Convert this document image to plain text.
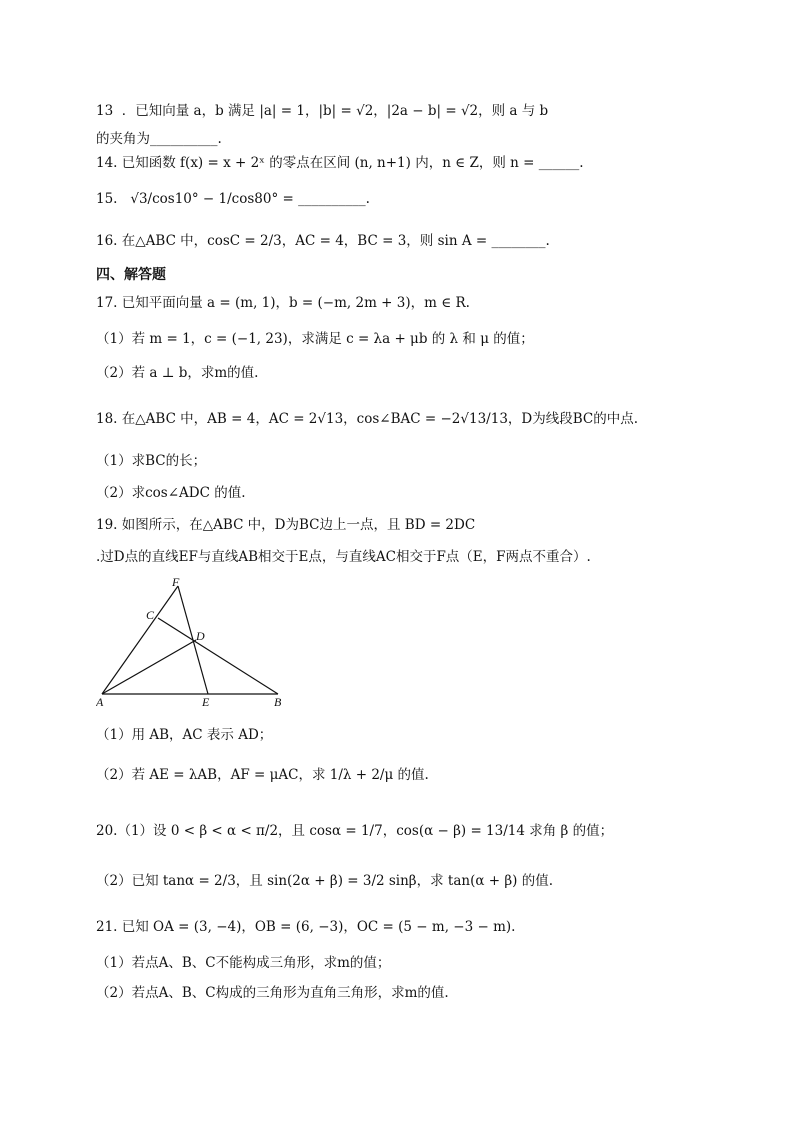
13  ．已知向量 a，b 满足 |a| = 1，|b| = √2，|2a − b| = √2，则 a 与 b
的夹角为__________.
14. 已知函数 f(x) = x + 2ˣ 的零点在区间 (n, n+1) 内，n ∈ Z，则 n = ______.
15.   √3/cos10° − 1/cos80° = __________.
16. 在△ABC 中，cosC = 2/3，AC = 4，BC = 3，则 sin A = ________.
四、解答题
17. 已知平面向量 a = (m, 1)，b = (−m, 2m + 3)，m ∈ R.
（1）若 m = 1，c = (−1, 23)，求满足 c = λa + μb 的 λ 和 μ 的值；
（2）若 a ⊥ b，求m的值.
18. 在△ABC 中，AB = 4，AC = 2√13，cos∠BAC = −2√13/13，D为线段BC的中点.
（1）求BC的长；
（2）求cos∠ADC 的值.
19. 如图所示，在△ABC 中，D为BC边上一点，且 BD = 2DC
.过D点的直线EF与直线AB相交于E点，与直线AC相交于F点（E，F两点不重合）.
A	B
C
D
E
F
（1）用 AB，AC 表示 AD；
（2）若 AE = λAB，AF = μAC，求 1/λ + 2/μ 的值.
20.（1）设 0 < β < α < π/2，且 cosα = 1/7，cos(α − β) = 13/14 求角 β 的值；
（2）已知 tanα = 2/3，且 sin(2α + β) = 3/2 sinβ，求 tan(α + β) 的值.
21. 已知 OA = (3, −4)，OB = (6, −3)，OC = (5 − m, −3 − m).
（1）若点A、B、C不能构成三角形，求m的值；
（2）若点A、B、C构成的三角形为直角三角形，求m的值.
